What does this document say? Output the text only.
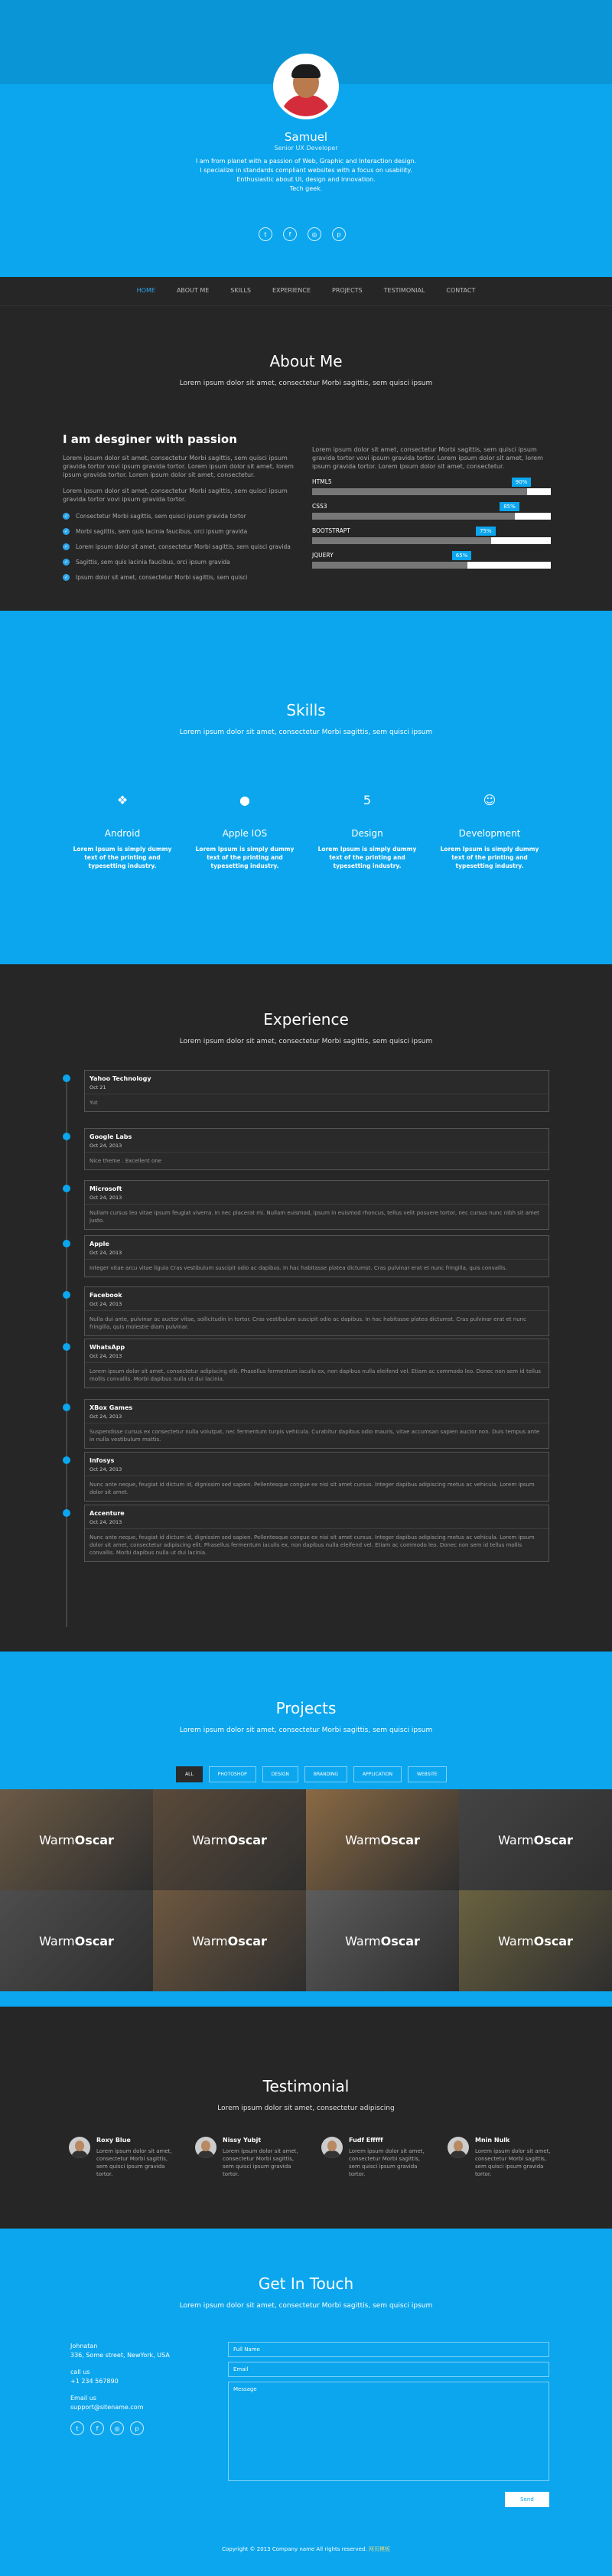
Samuel
Senior UX Developer
I am from planet with a passion of Web, Graphic and Interaction design.
I specialize in standards compliant websites with a focus on usability.
Enthusiastic about UI, design and innovation.
Tech geek.
t	f	◎	p
HOME	ABOUT ME	SKILLS	EXPERIENCE	PROJECTS	TESTIMONIAL	CONTACT
About Me
Lorem ipsum dolor sit amet, consectetur Morbi sagittis, sem quisci ipsum
I am desginer with passion
Lorem ipsum dolor sit amet, consectetur Morbi sagittis, sem quisci ipsum gravida tortor vovi ipsum gravida tortor. Lorem ipsum dolor sit amet, lorem ipsum gravida tortor. Lorem ipsum dolor sit amet, consectetur.
Lorem ipsum dolor sit amet, consectetur Morbi sagittis, sem quisci ipsum gravida tortor vovi ipsum gravida tortor.
✓ Consectetur Morbi sagittis, sem quisci ipsum gravida tortor
✓ Morbi sagittis, sem quis lacinia faucibus, orci ipsum gravida
✓ Lorem ipsum dolor sit amet, consectetur Morbi sagittis, sem quisci gravida
✓ Sagittis, sem quis lacinia faucibus, orci ipsum gravida
✓ Ipsum dolor sit amet, consectetur Morbi sagittis, sem quisci
Lorem ipsum dolor sit amet, consectetur Morbi sagittis, sem quisci ipsum gravida tortor vovi ipsum gravida tortor. Lorem ipsum dolor sit amet, lorem ipsum gravida tortor. Lorem ipsum dolor sit amet, consectetur.
HTML5	90%
CSS3	85%
BOOTSTRAPT	75%
JQUERY	65%
Skills
Lorem ipsum dolor sit amet, consectetur Morbi sagittis, sem quisci ipsum
❖
Android
Lorem Ipsum is simply dummy
text of the printing and
typesetting industry.
●
Apple IOS
Lorem Ipsum is simply dummy
text of the printing and
typesetting industry.
5
Design
Lorem Ipsum is simply dummy
text of the printing and
typesetting industry.
☺
Development
Lorem Ipsum is simply dummy
text of the printing and
typesetting industry.
Experience
Lorem ipsum dolor sit amet, consectetur Morbi sagittis, sem quisci ipsum
Yahoo Technology
Oct 21
Yut
Google Labs
Oct 24, 2013
Nice theme . Excellent one
Microsoft
Oct 24, 2013
Nullam cursus leo vitae ipsum feugiat viverra. In nec placerat mi. Nullam euismod, ipsum in euismod rhoncus, tellus velit posuere tortor, nec cursus nunc nibh sit amet justo.
Apple
Oct 24, 2013
Integer vitae arcu vitae ligula Cras vestibulum suscipit odio ac dapibus. In hac habitasse platea dictumst. Cras pulvinar erat et nunc fringilla, quis convallis.
Facebook
Oct 24, 2013
Nulla dui ante, pulvinar ac auctor vitae, sollicitudin in tortor. Cras vestibulum suscipit odio ac dapibus. In hac habitasse platea dictumst. Cras pulvinar erat et nunc fringilla, quis molestie diam pulvinar.
WhatsApp
Oct 24, 2013
Lorem ipsum dolor sit amet, consectetur adipiscing elit. Phasellus fermentum iaculis ex, non dapibus nulla eleifend vel. Etiam ac commodo leo. Donec non sem id tellus mollis convallis. Morbi dapibus nulla ut dui lacinia.
XBox Games
Oct 24, 2013
Suspendisse cursus ex consectetur nulla volutpat, nec fermentum turpis vehicula. Curabitur dapibus odio mauris, vitae accumsan sapien auctor non. Duis tempus ante in nulla vestibulum mattis.
Infosys
Oct 24, 2013
Nunc ante neque, feugiat id dictum id, dignissim sed sapien. Pellentesque congue ex nisi sit amet cursus. Integer dapibus adipiscing metus ac vehicula. Lorem ipsum dolor sit amet.
Accenture
Oct 24, 2013
Nunc ante neque, feugiat id dictum id, dignissim sed sapien. Pellentesque congue ex nisi sit amet cursus. Integer dapibus adipiscing metus ac vehicula. Lorem ipsum dolor sit amet, consectetur adipiscing elit. Phasellus fermentum iaculis ex, non dapibus nulla eleifend vel. Etiam ac commodo leo. Donec non sem id tellus mollis convallis. Morbi dapibus nulla ut dui lacinia.
Projects
Lorem ipsum dolor sit amet, consectetur Morbi sagittis, sem quisci ipsum
ALL	PHOTOSHOP	DESIGN	BRANDING	APPLICATION	WEBSITE
WarmOscar	WarmOscar	WarmOscar	WarmOscar
WarmOscar	WarmOscar	WarmOscar	WarmOscar
Testimonial
Lorem ipsum dolor sit amet, consectetur adipiscing
Roxy Blue
Lorem ipsum dolor sit amet, consectetur Morbi sagittis, sem quisci ipsum gravida tortor.
Nissy Yubjt
Lorem ipsum dolor sit amet, consectetur Morbi sagittis, sem quisci ipsum gravida tortor.
Fudf Efffff
Lorem ipsum dolor sit amet, consectetur Morbi sagittis, sem quisci ipsum gravida tortor.
Mnin Nulk
Lorem ipsum dolor sit amet, consectetur Morbi sagittis, sem quisci ipsum gravida tortor.
Get In Touch
Lorem ipsum dolor sit amet, consectetur Morbi sagittis, sem quisci ipsum
Johnatan
336, Some street, NewYork, USA
call us
+1 234 567890
Email us
support@sitename.com
t	f	◎	p
Full Name
Email
Message
Send
Copyright © 2013 Company name All rights reserved. 网页模板
